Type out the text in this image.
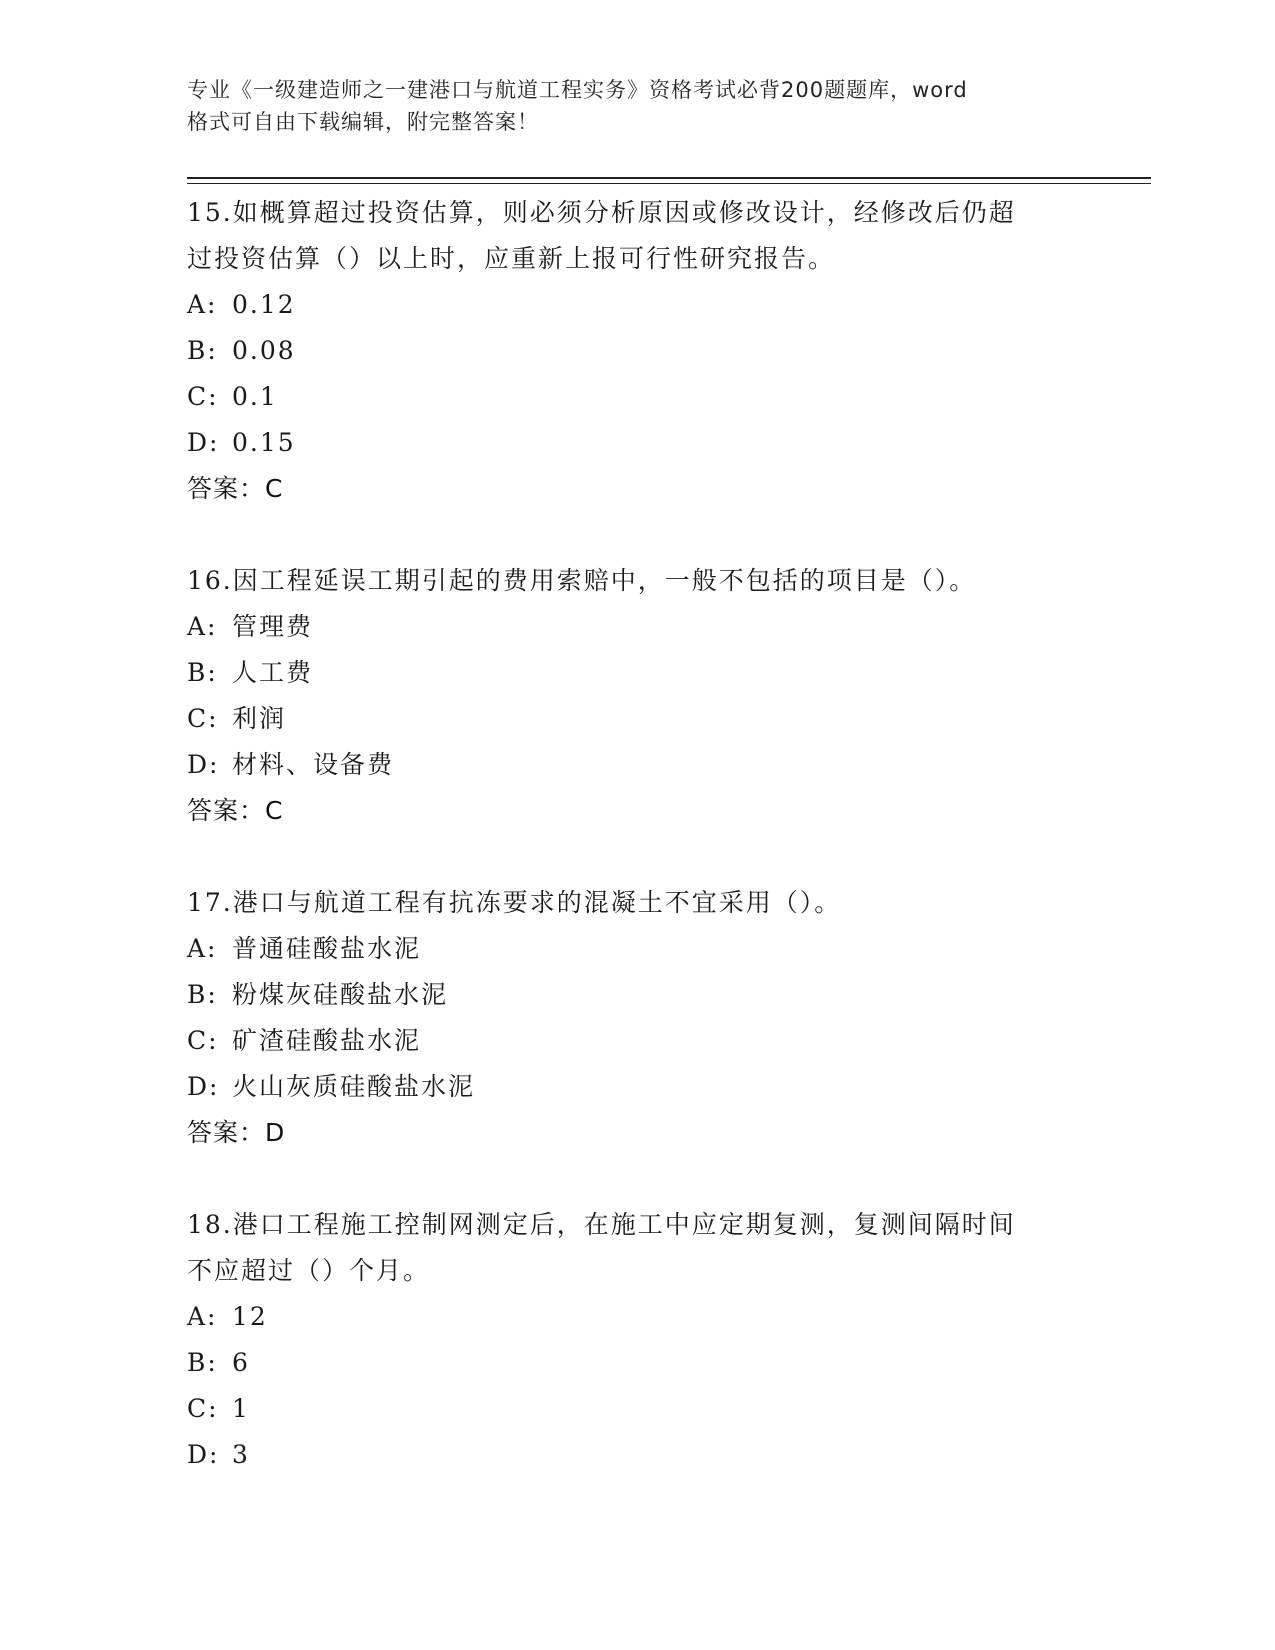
专业《一级建造师之一建港口与航道工程实务》资格考试必背200题题库，word
格式可自由下载编辑，附完整答案！

15.如概算超过投资估算，则必须分析原因或修改设计，经修改后仍超

过投资估算（）以上时，应重新上报可行性研究报告。

A: 0.12

B: 0.08

C: 0.1

D: 0.15

答案：C

16.因工程延误工期引起的费用索赔中，一般不包括的项目是（）。

A: 管理费

B: 人工费

C: 利润

D: 材料、设备费

答案：C

17.港口与航道工程有抗冻要求的混凝土不宜采用（）。

A: 普通硅酸盐水泥

B: 粉煤灰硅酸盐水泥

C: 矿渣硅酸盐水泥

D: 火山灰质硅酸盐水泥

答案：D

18.港口工程施工控制网测定后，在施工中应定期复测，复测间隔时间

不应超过（）个月。

A: 12

B: 6

C: 1

D: 3
